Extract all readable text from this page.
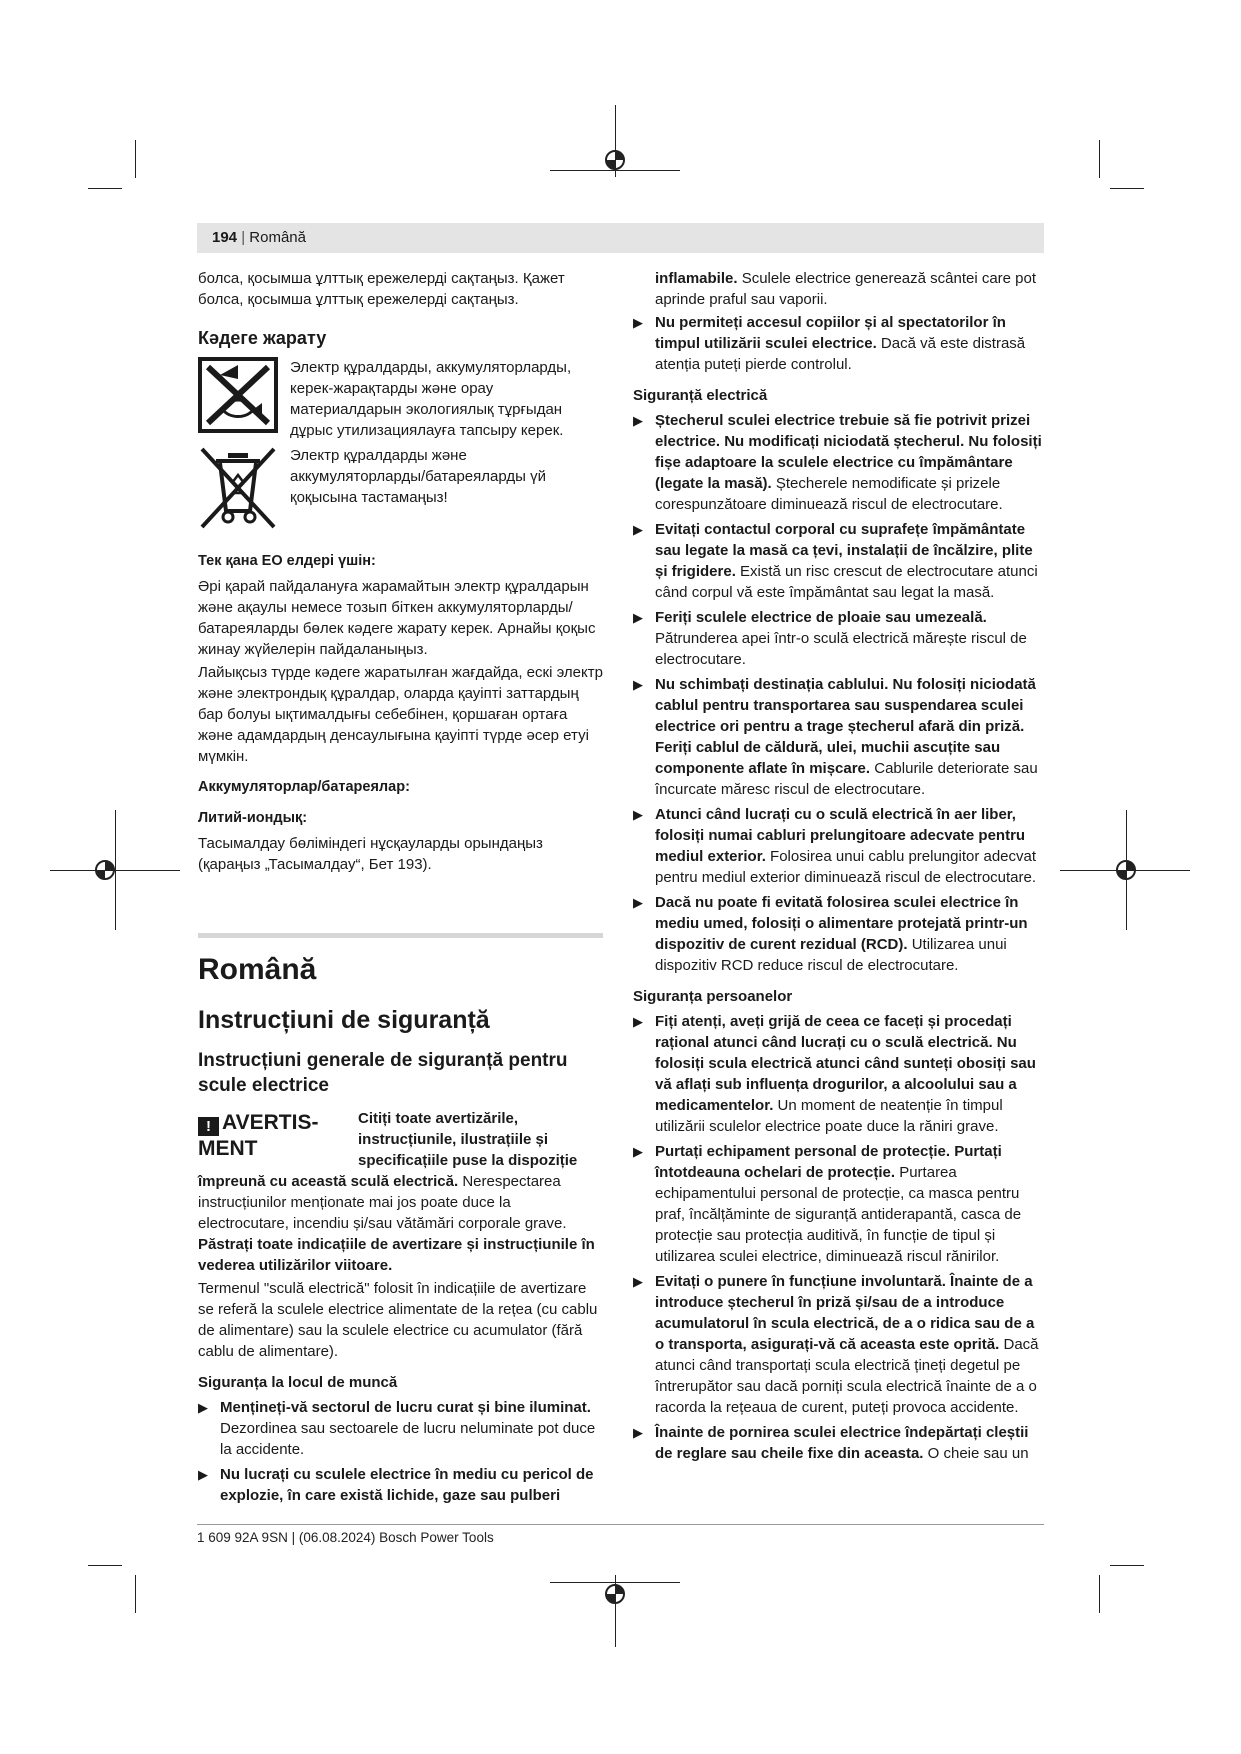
194 | Română

болса, қосымша ұлттық ережелерді сақтаңыз. Қажет болса, қосымша ұлттық ережелерді сақтаңыз.

Кәдеге жарату
Электр құралдарды, аккумуляторларды, керек-жарақтарды және орау материалдарын экологиялық тұрғыдан дұрыс утилизациялауға тапсыру керек.
Электр құралдарды және аккумуляторларды/батареяларды үй қоқысына тастамаңыз!
Тек қана ЕО елдері үшін:

Әрі қарай пайдалануға жарамайтын электр құралдарын және ақаулы немесе тозып біткен аккумуляторларды/батареяларды бөлек кәдеге жарату керек. Арнайы қоқыс жинау жүйелерін пайдаланыңыз.

Лайықсыз түрде кәдеге жаратылған жағдайда, ескі электр және электрондық құралдар, оларда қауіпті заттардың бар болуы ықтималдығы себебінен, қоршаған ортаға және адамдардың денсаулығына қауіпті түрде әсер етуі мүмкін.

Аккумуляторлар/батареялар:
Литий-иондық:

Тасымалдау бөліміндегі нұсқауларды орындаңыз (қараңыз „Тасымалдау“, Бет 193).

Română
Instrucțiuni de siguranță
Instrucțiuni generale de siguranță pentru scule electrice
! AVERTIS-MENT
Citiți toate avertizările, instrucțiunile, ilustrațiile și specificațiile puse la dispoziție împreună cu această sculă electrică. Nerespectarea instrucțiunilor menționate mai jos poate duce la electrocutare, incendiu și/sau vătămări corporale grave.

Păstrați toate indicațiile de avertizare și instrucțiunile în vederea utilizărilor viitoare.

Termenul "sculă electrică" folosit în indicațiile de avertizare se referă la sculele electrice alimentate de la rețea (cu cablu de alimentare) sau la sculele electrice cu acumulator (fără cablu de alimentare).

Siguranța la locul de muncă
▶ Mențineți-vă sectorul de lucru curat și bine iluminat. Dezordinea sau sectoarele de lucru neluminate pot duce la accidente.
▶ Nu lucrați cu sculele electrice în mediu cu pericol de explozie, în care există lichide, gaze sau pulberi

inflamabile. Sculele electrice generează scântei care pot aprinde praful sau vaporii.

▶ Nu permiteți accesul copiilor și al spectatorilor în timpul utilizării sculei electrice. Dacă vă este distrasă atenția puteți pierde controlul.
Siguranță electrică
▶ Ștecherul sculei electrice trebuie să fie potrivit prizei electrice. Nu modificați niciodată ștecherul. Nu folosiți fișe adaptoare la sculele electrice cu împământare (legate la masă). Ștecherele nemodificate și prizele corespunzătoare diminuează riscul de electrocutare.
▶ Evitați contactul corporal cu suprafețe împământate sau legate la masă ca țevi, instalații de încălzire, plite și frigidere. Există un risc crescut de electrocutare atunci când corpul vă este împământat sau legat la masă.
▶ Feriți sculele electrice de ploaie sau umezeală. Pătrunderea apei într-o sculă electrică mărește riscul de electrocutare.
▶ Nu schimbați destinația cablului. Nu folosiți niciodată cablul pentru transportarea sau suspendarea sculei electrice ori pentru a trage ștecherul afară din priză. Feriți cablul de căldură, ulei, muchii ascuțite sau componente aflate în mișcare. Cablurile deteriorate sau încurcate măresc riscul de electrocutare.
▶ Atunci când lucrați cu o sculă electrică în aer liber, folosiți numai cabluri prelungitoare adecvate pentru mediul exterior. Folosirea unui cablu prelungitor adecvat pentru mediul exterior diminuează riscul de electrocutare.
▶ Dacă nu poate fi evitată folosirea sculei electrice în mediu umed, folosiți o alimentare protejată printr-un dispozitiv de curent rezidual (RCD). Utilizarea unui dispozitiv RCD reduce riscul de electrocutare.
Siguranța persoanelor
▶ Fiți atenți, aveți grijă de ceea ce faceți și procedați rațional atunci când lucrați cu o sculă electrică. Nu folosiți scula electrică atunci când sunteți obosiți sau vă aflați sub influența drogurilor, a alcoolului sau a medicamentelor. Un moment de neatenție în timpul utilizării sculelor electrice poate duce la răniri grave.
▶ Purtați echipament personal de protecție. Purtați întotdeauna ochelari de protecție. Purtarea echipamentului personal de protecție, ca masca pentru praf, încălțăminte de siguranță antiderapantă, casca de protecție sau protecția auditivă, în funcție de tipul și utilizarea sculei electrice, diminuează riscul rănirilor.
▶ Evitați o punere în funcțiune involuntară. Înainte de a introduce ștecherul în priză și/sau de a introduce acumulatorul în scula electrică, de a o ridica sau de a o transporta, asigurați-vă că aceasta este oprită. Dacă atunci când transportați scula electrică țineți degetul pe întrerupător sau dacă porniți scula electrică înainte de a o racorda la rețeaua de curent, puteți provoca accidente.
▶ Înainte de pornirea sculei electrice îndepărtați cleștii de reglare sau cheile fixe din aceasta. O cheie sau un
1 609 92A 9SN | (06.08.2024) Bosch Power Tools
